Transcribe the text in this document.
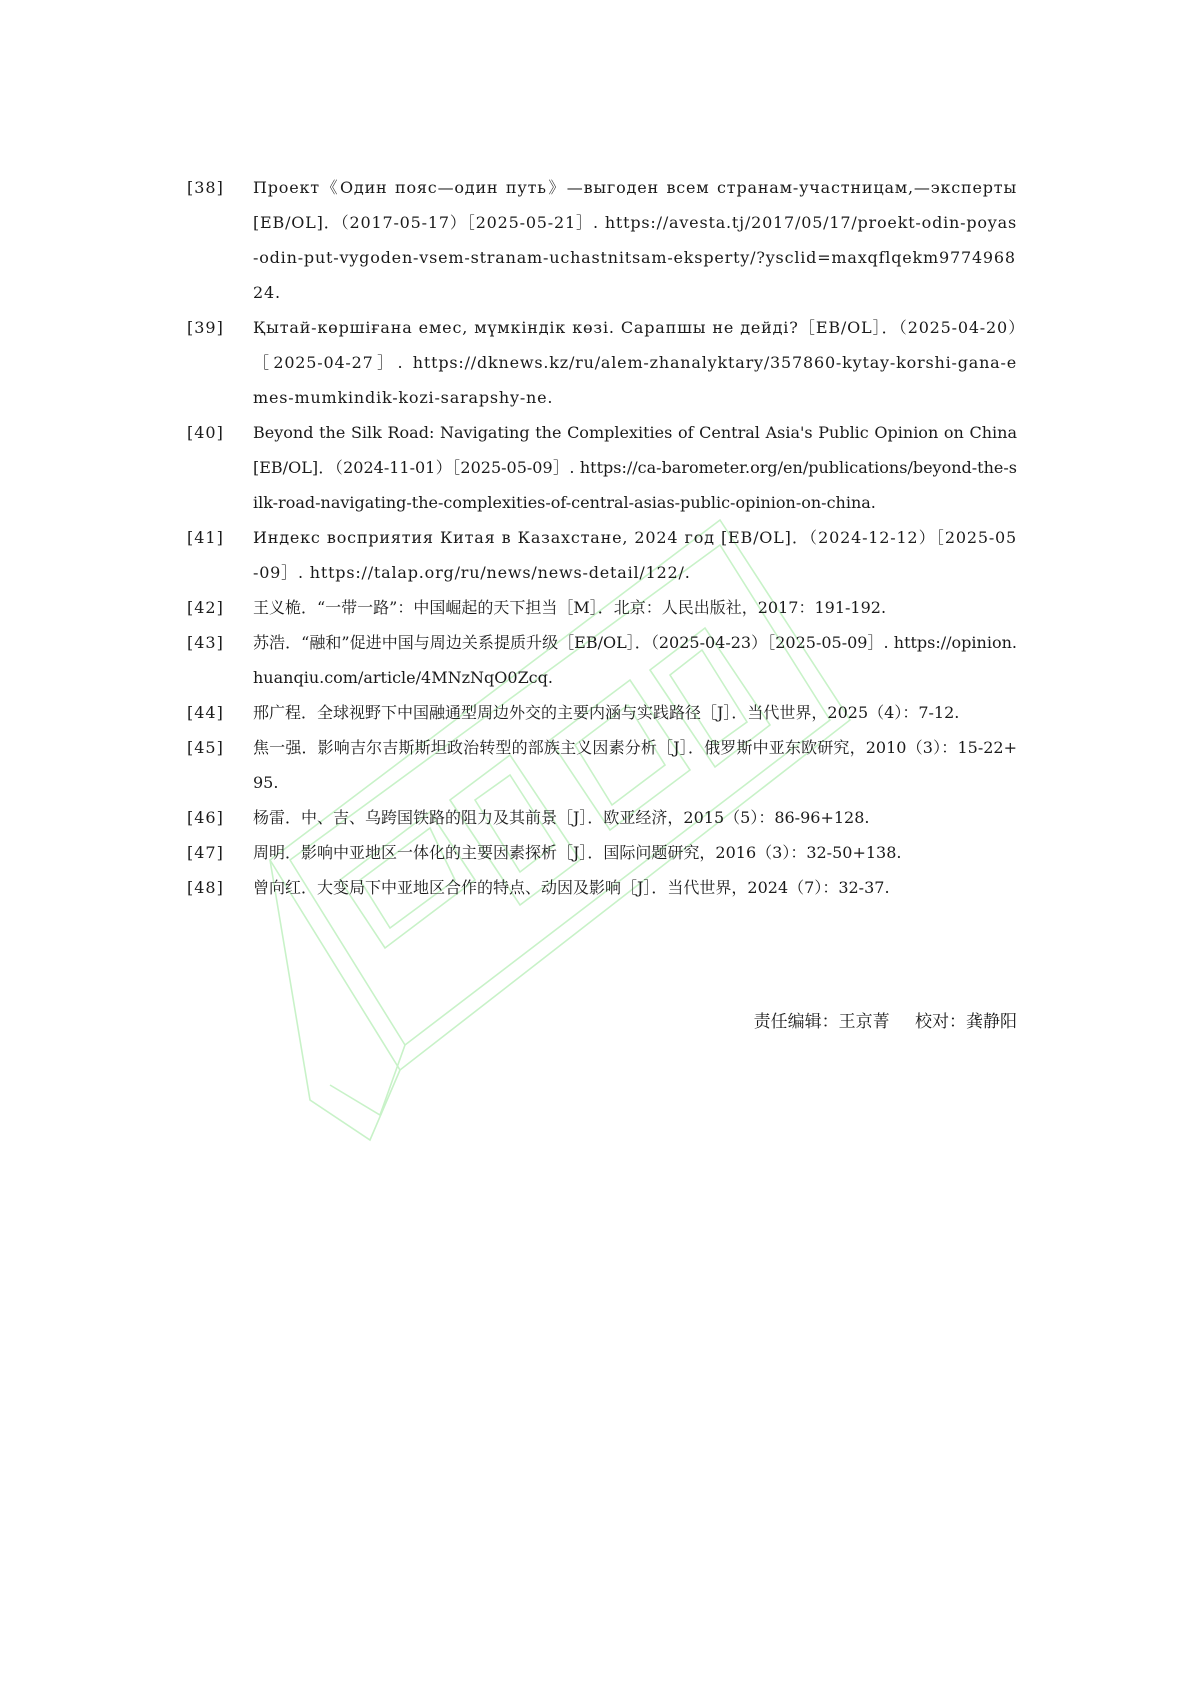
[38]	Проект《Один пояс—один путь》—выгоден всем странам-участницам,—эксперты [EB/OL]．（2017-05-17）［2025-05-21］. https://avesta.tj/2017/05/17/proekt-odin-poyas-odin-put-vygoden-vsem-stranam-uchastnitsam-eksperty/?ysclid=maxqflqekm977496824.
[39]	Қытай-көршіғана емес, мүмкіндік көзі. Сарапшы не дейді?［EB/OL］．（2025-04-20）［2025-04-27］. https://dknews.kz/ru/alem-zhanalyktary/357860-kytay-korshi-gana-emes-mumkindik-kozi-sarapshy-ne.
[40]	Beyond the Silk Road: Navigating the Complexities of Central Asia's Public Opinion on China [EB/OL]．（2024-11-01）［2025-05-09］. https://ca-barometer.org/en/publications/beyond-the-silk-road-navigating-the-complexities-of-central-asias-public-opinion-on-china.
[41]	Индекс восприятия Китая в Казахстане, 2024 год [EB/OL]．（2024-12-12）［2025-05-09］. https://talap.org/ru/news/news-detail/122/.
[42]	王义桅．“一带一路”：中国崛起的天下担当［M］．北京：人民出版社，2017：191-192.
[43]	苏浩．“融和”促进中国与周边关系提质升级［EB/OL］．（2025-04-23）［2025-05-09］. https://opinion.huanqiu.com/article/4MNzNqO0Zcq.
[44]	邢广程．全球视野下中国融通型周边外交的主要内涵与实践路径［J］．当代世界，2025（4）：7-12.
[45]	焦一强．影响吉尔吉斯斯坦政治转型的部族主义因素分析［J］．俄罗斯中亚东欧研究，2010（3）：15-22+95.
[46]	杨雷．中、吉、乌跨国铁路的阻力及其前景［J］．欧亚经济，2015（5）：86-96+128.
[47]	周明．影响中亚地区一体化的主要因素探析［J］．国际问题研究，2016（3）：32-50+138.
[48]	曾向红．大变局下中亚地区合作的特点、动因及影响［J］．当代世界，2024（7）：32-37.
责任编辑：王京菁 校对：龚静阳
